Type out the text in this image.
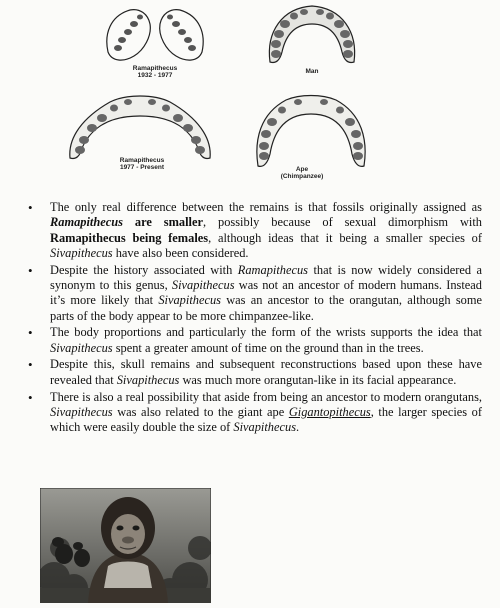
Ramapithecus
1932 - 1977
Man
Ramapithecus
1977 - Present	Ape
(Chimpanzee)
• The only real difference between the remains is that fossils originally assigned as Ramapithecus are smaller, possibly because of sexual dimorphism with Ramapithecus being females, although ideas that it being a smaller species of Sivapithecus have also been considered.
• Despite the history associated with Ramapithecus that is now widely considered a synonym to this genus, Sivapithecus was not an ancestor of modern humans. Instead it’s more likely that Sivapithecus was an ancestor to the orangutan, although some parts of the body appear to be more chimpanzee-like.
• The body proportions and particularly the form of the wrists supports the idea that Sivapithecus spent a greater amount of time on the ground than in the trees.
• Despite this, skull remains and subsequent reconstructions based upon these have revealed that Sivapithecus was much more orangutan-like in its facial appearance.
• There is also a real possibility that aside from being an ancestor to modern orangutans, Sivapithecus was also related to the giant ape Gigantopithecus, the larger species of which were easily double the size of Sivapithecus.
